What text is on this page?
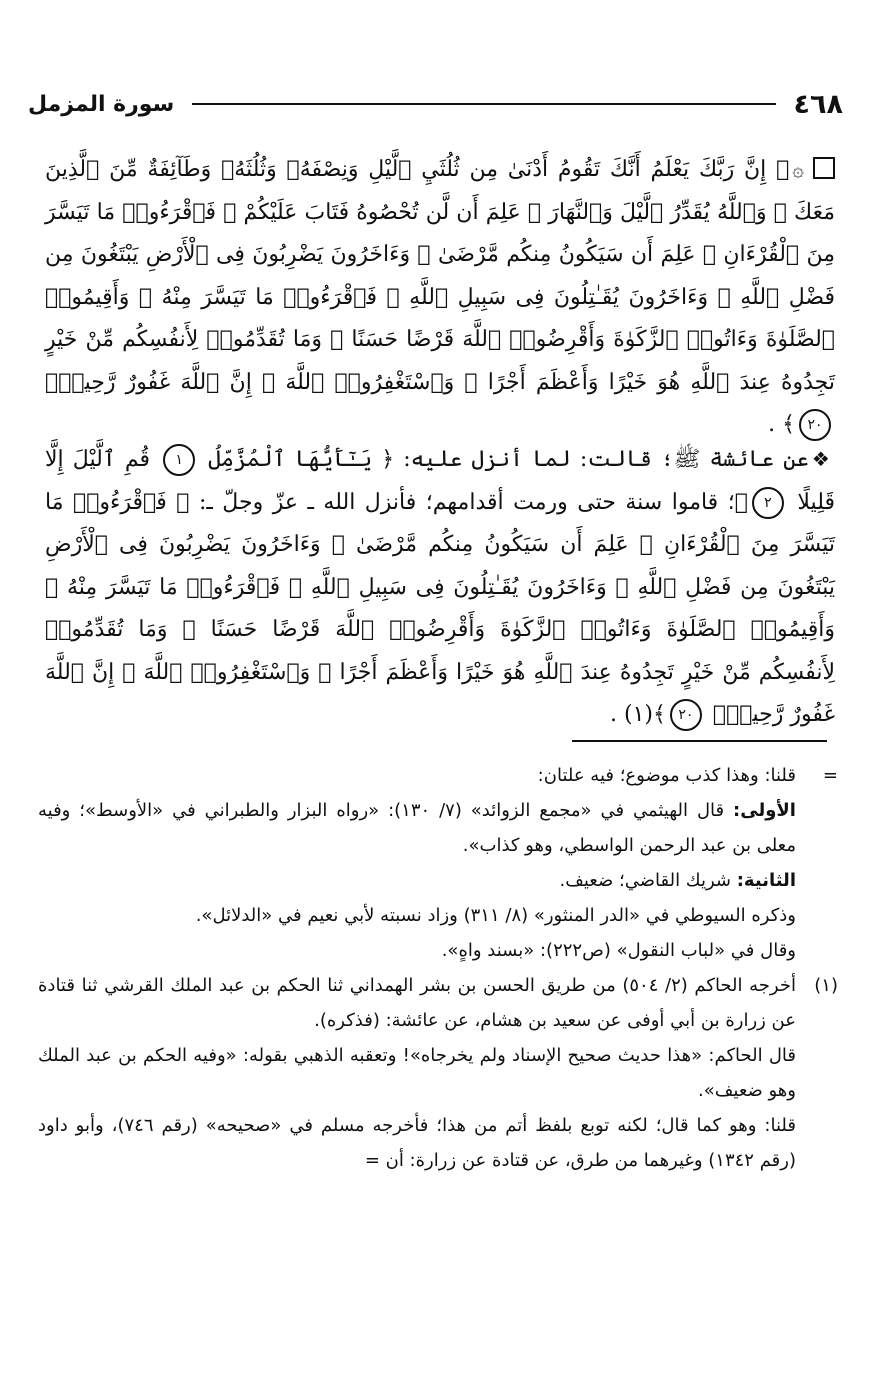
٤٦٨
سورة المزمل

۞﴿ إِنَّ رَبَّكَ يَعْلَمُ أَنَّكَ تَقُومُ أَدْنَىٰ مِن ثُلُثَيِ ٱلَّيْلِ وَنِصْفَهُۥ وَثُلُثَهُۥ وَطَآئِفَةٌ مِّنَ ٱلَّذِينَ مَعَكَ ۚ وَٱللَّهُ يُقَدِّرُ ٱلَّيْلَ وَٱلنَّهَارَ ۚ عَلِمَ أَن لَّن تُحْصُوهُ فَتَابَ عَلَيْكُمْ ۖ فَٱقْرَءُوا۟ مَا تَيَسَّرَ مِنَ ٱلْقُرْءَانِ ۚ عَلِمَ أَن سَيَكُونُ مِنكُم مَّرْضَىٰ ۙ وَءَاخَرُونَ يَضْرِبُونَ فِى ٱلْأَرْضِ يَبْتَغُونَ مِن فَضْلِ ٱللَّهِ ۙ وَءَاخَرُونَ يُقَـٰتِلُونَ فِى سَبِيلِ ٱللَّهِ ۖ فَٱقْرَءُوا۟ مَا تَيَسَّرَ مِنْهُ ۚ وَأَقِيمُوا۟ ٱلصَّلَوٰةَ وَءَاتُوا۟ ٱلزَّكَوٰةَ وَأَقْرِضُوا۟ ٱللَّهَ قَرْضًا حَسَنًا ۚ وَمَا تُقَدِّمُوا۟ لِأَنفُسِكُم مِّنْ خَيْرٍ تَجِدُوهُ عِندَ ٱللَّهِ هُوَ خَيْرًا وَأَعْظَمَ أَجْرًا ۚ وَٱسْتَغْفِرُوا۟ ٱللَّهَ ۖ إِنَّ ٱللَّهَ غَفُورٌ رَّحِيمٌۢ ٢٠﴾ .

❖عن عائشة ﷺ؛ قالت: لما أنزل عليه: ﴿ يَـٰٓأَيُّهَا ٱلْمُزَّمِّلُ ١ قُمِ ٱلَّيْلَ إِلَّا قَلِيلًا ٢﴾؛ قاموا سنة حتى ورمت أقدامهم؛ فأنزل الله ـ عزّ وجلّ ـ: ﴿ فَٱقْرَءُوا۟ مَا تَيَسَّرَ مِنَ ٱلْقُرْءَانِ ۚ عَلِمَ أَن سَيَكُونُ مِنكُم مَّرْضَىٰ ۙ وَءَاخَرُونَ يَضْرِبُونَ فِى ٱلْأَرْضِ يَبْتَغُونَ مِن فَضْلِ ٱللَّهِ ۙ وَءَاخَرُونَ يُقَـٰتِلُونَ فِى سَبِيلِ ٱللَّهِ ۖ فَٱقْرَءُوا۟ مَا تَيَسَّرَ مِنْهُ ۚ وَأَقِيمُوا۟ ٱلصَّلَوٰةَ وَءَاتُوا۟ ٱلزَّكَوٰةَ وَأَقْرِضُوا۟ ٱللَّهَ قَرْضًا حَسَنًا ۚ وَمَا تُقَدِّمُوا۟ لِأَنفُسِكُم مِّنْ خَيْرٍ تَجِدُوهُ عِندَ ٱللَّهِ هُوَ خَيْرًا وَأَعْظَمَ أَجْرًا ۚ وَٱسْتَغْفِرُوا۟ ٱللَّهَ ۖ إِنَّ ٱللَّهَ غَفُورٌ رَّحِيمٌۢ ٢٠﴾(١) .

=

قلنا: وهذا كذب موضوع؛ فيه علتان:

الأولى: قال الهيثمي في «مجمع الزوائد» (٧/ ١٣٠): «رواه البزار والطبراني في «الأوسط»؛ وفيه معلى بن عبد الرحمن الواسطي، وهو كذاب».

الثانية: شريك القاضي؛ ضعيف.

وذكره السيوطي في «الدر المنثور» (٨/ ٣١١) وزاد نسبته لأبي نعيم في «الدلائل».

وقال في «لباب النقول» (ص٢٢٢): «بسند واهٍ».

(١)

أخرجه الحاكم (٢/ ٥٠٤) من طريق الحسن بن بشر الهمداني ثنا الحكم بن عبد الملك القرشي ثنا قتادة عن زرارة بن أبي أوفى عن سعيد بن هشام، عن عائشة: (فذكره).

قال الحاكم: «هذا حديث صحيح الإسناد ولم يخرجاه»! وتعقبه الذهبي بقوله: «وفيه الحكم بن عبد الملك وهو ضعيف».

قلنا: وهو كما قال؛ لكنه توبع بلفظ أتم من هذا؛ فأخرجه مسلم في «صحيحه» (رقم ٧٤٦)، وأبو داود (رقم ١٣٤٢) وغيرهما من طرق، عن قتادة عن زرارة: أن =
